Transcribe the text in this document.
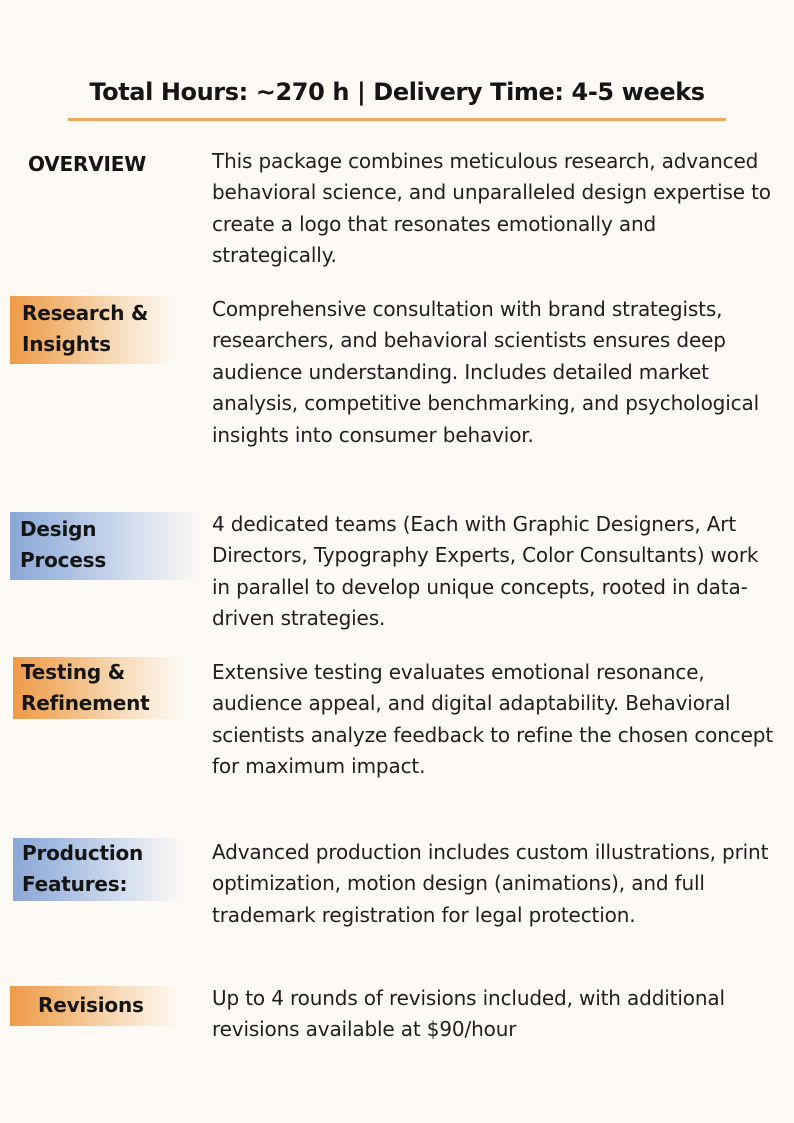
Total Hours: ~270 h | Delivery Time: 4-5 weeks
OVERVIEW	This package combines meticulous research, advanced behavioral science, and unparalleled design expertise to create a logo that resonates emotionally and strategically.
Research &
Insights
Comprehensive consultation with brand strategists, researchers, and behavioral scientists ensures deep audience understanding. Includes detailed market analysis, competitive benchmarking, and psychological insights into consumer behavior.
Design
Process
4 dedicated teams (Each with Graphic Designers, Art Directors, Typography Experts, Color Consultants) work in parallel to develop unique concepts, rooted in data-driven strategies.
Testing &
Refinement
Extensive testing evaluates emotional resonance, audience appeal, and digital adaptability. Behavioral scientists analyze feedback to refine the chosen concept for maximum impact.
Production
Features:
Advanced production includes custom illustrations, print optimization, motion design (animations), and full trademark registration for legal protection.
Revisions	Up to 4 rounds of revisions included, with additional revisions available at $90/hour
